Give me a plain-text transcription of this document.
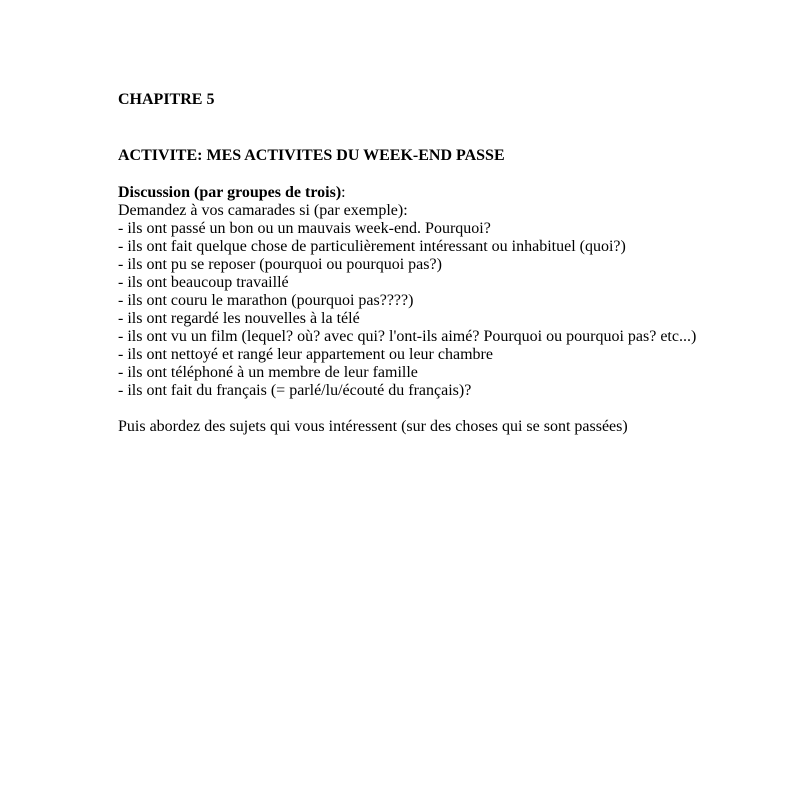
CHAPITRE 5

ACTIVITE: MES ACTIVITES DU WEEK-END PASSE

Discussion (par groupes de trois):

Demandez à vos camarades si (par exemple):

- ils ont passé un bon ou un mauvais week-end. Pourquoi?
- ils ont fait quelque chose de particulièrement intéressant ou inhabituel (quoi?)
- ils ont pu se reposer (pourquoi ou pourquoi pas?)
- ils ont beaucoup travaillé
- ils ont couru le marathon (pourquoi pas????)
- ils ont regardé les nouvelles à la télé
- ils ont vu un film (lequel? où? avec qui? l'ont-ils aimé? Pourquoi ou pourquoi pas? etc...)
- ils ont nettoyé et rangé leur appartement ou leur chambre
- ils ont téléphoné à un membre de leur famille
- ils ont fait du français (= parlé/lu/écouté du français)?

Puis abordez des sujets qui vous intéressent (sur des choses qui se sont passées)
